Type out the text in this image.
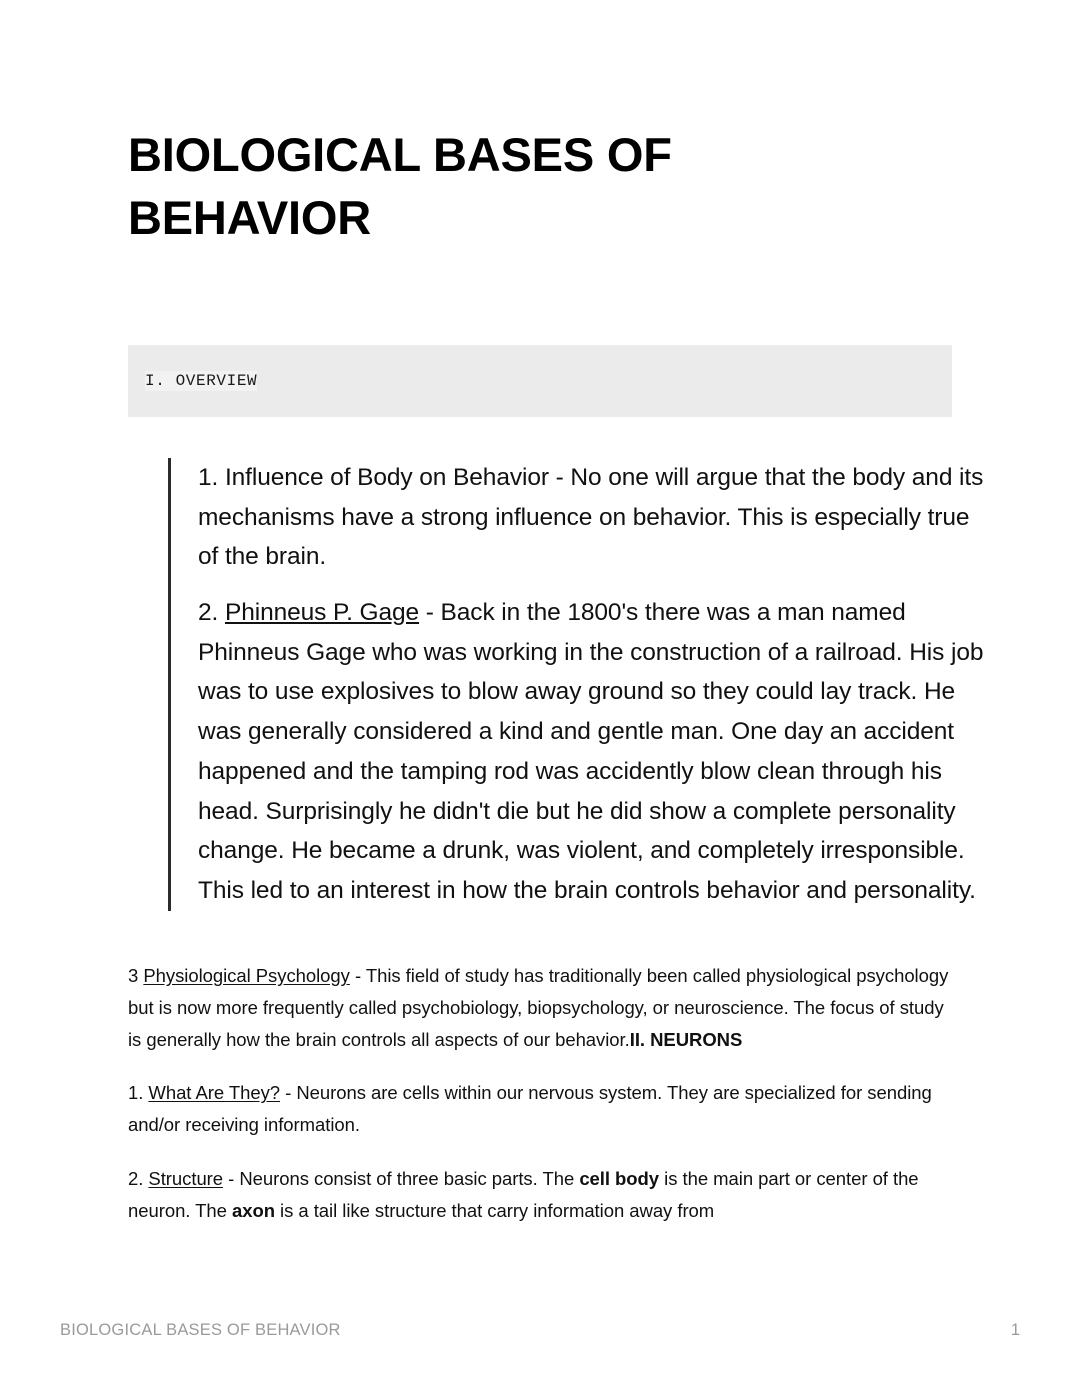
BIOLOGICAL BASES OF BEHAVIOR
I. OVERVIEW

1. Influence of Body on Behavior - No one will argue that the body and its mechanisms have a strong influence on behavior. This is especially true of the brain.

2. Phinneus P. Gage - Back in the 1800's there was a man named Phinneus Gage who was working in the construction of a railroad. His job was to use explosives to blow away ground so they could lay track. He was generally considered a kind and gentle man. One day an accident happened and the tamping rod was accidently blow clean through his head. Surprisingly he didn't die but he did show a complete personality change. He became a drunk, was violent, and completely irresponsible. This led to an interest in how the brain controls behavior and personality.

3 Physiological Psychology - This field of study has traditionally been called physiological psychology but is now more frequently called psychobiology, biopsychology, or neuroscience. The focus of study is generally how the brain controls all aspects of our behavior.II. NEURONS

1. What Are They? - Neurons are cells within our nervous system. They are specialized for sending and/or receiving information.

2. Structure - Neurons consist of three basic parts. The cell body is the main part or center of the neuron. The axon is a tail like structure that carry information away from

BIOLOGICAL BASES OF BEHAVIOR	1
